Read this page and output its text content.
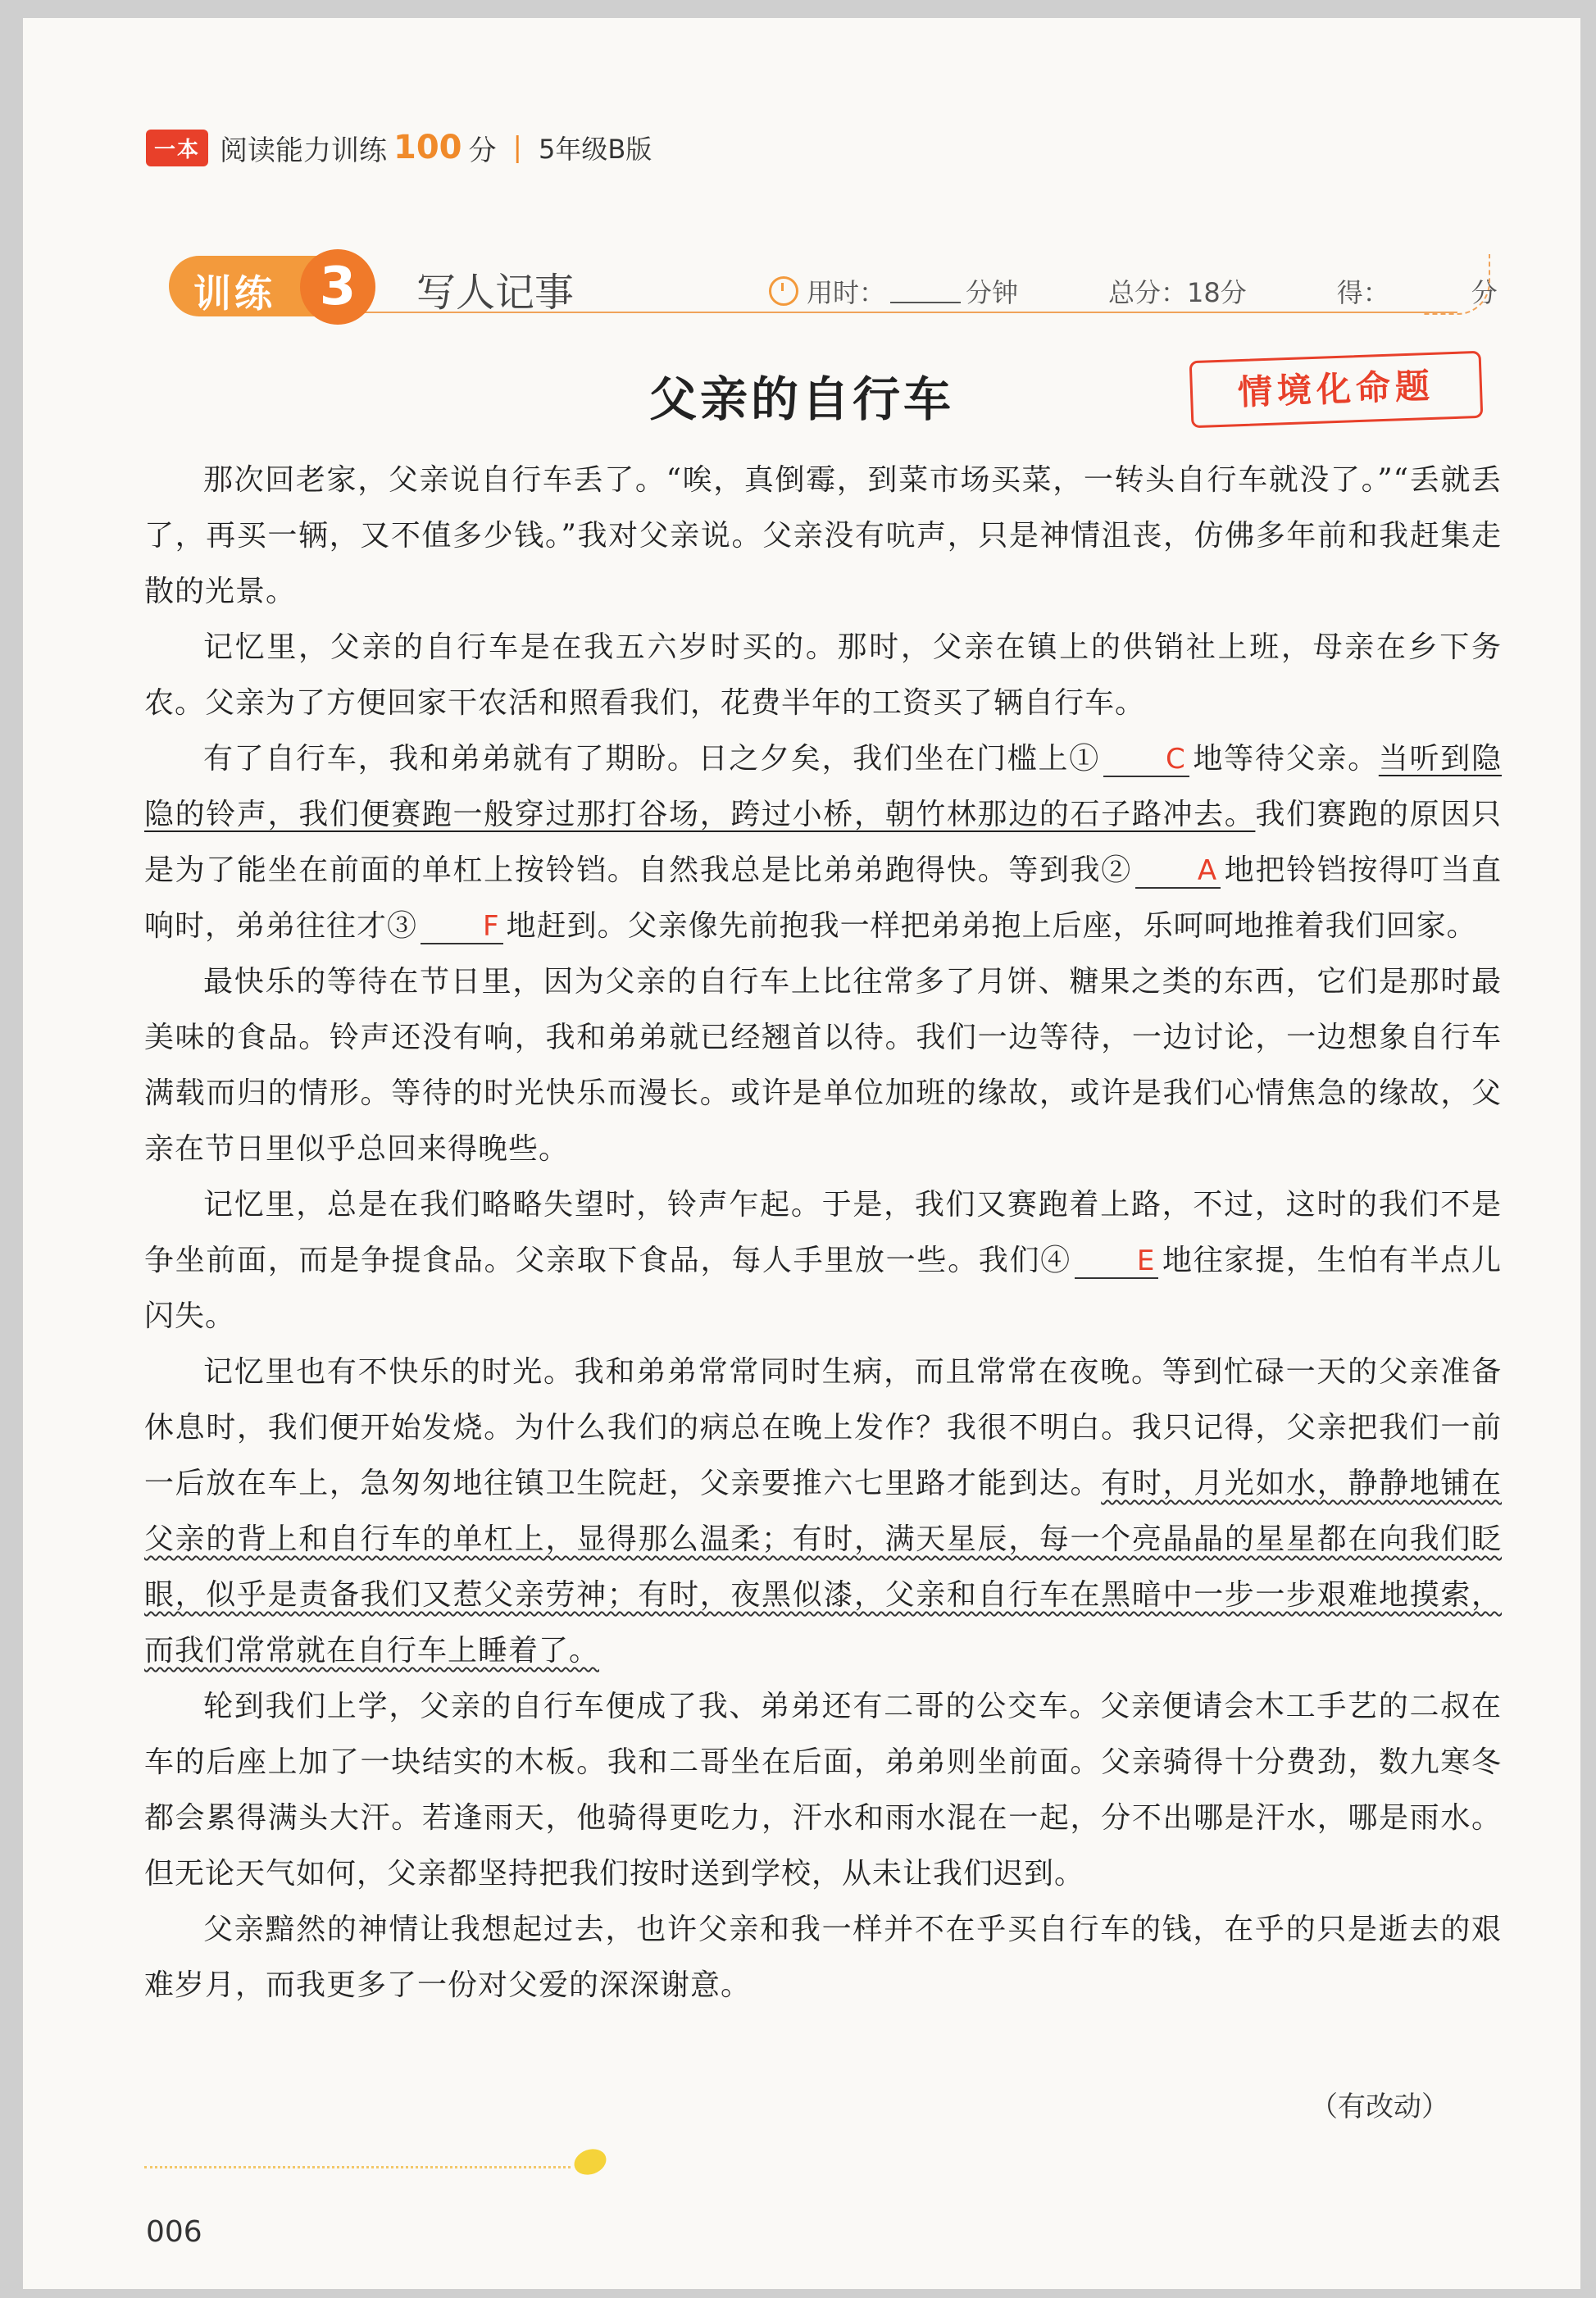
一本 阅读能力训练 100 分 | 5年级B版
训练 3	写人记事	用时：	分钟	总分：18分	得：	分
父亲的自行车	情境化命题

那次回老家，父亲说自行车丢了。“唉，真倒霉，到菜市场买菜，一转头自行车就没了。”“丢就丢了，再买一辆，又不值多少钱。”我对父亲说。父亲没有吭声，只是神情沮丧，仿佛多年前和我赶集走散的光景。

记忆里，父亲的自行车是在我五六岁时买的。那时，父亲在镇上的供销社上班，母亲在乡下务农。父亲为了方便回家干农活和照看我们，花费半年的工资买了辆自行车。

有了自行车，我和弟弟就有了期盼。日之夕矣，我们坐在门槛上① C 地等待父亲。当听到隐隐的铃声，我们便赛跑一般穿过那打谷场，跨过小桥，朝竹林那边的石子路冲去。我们赛跑的原因只是为了能坐在前面的单杠上按铃铛。自然我总是比弟弟跑得快。等到我② A 地把铃铛按得叮当直响时，弟弟往往才③ F 地赶到。父亲像先前抱我一样把弟弟抱上后座，乐呵呵地推着我们回家。

最快乐的等待在节日里，因为父亲的自行车上比往常多了月饼、糖果之类的东西，它们是那时最美味的食品。铃声还没有响，我和弟弟就已经翘首以待。我们一边等待，一边讨论，一边想象自行车满载而归的情形。等待的时光快乐而漫长。或许是单位加班的缘故，或许是我们心情焦急的缘故，父亲在节日里似乎总回来得晚些。

记忆里，总是在我们略略失望时，铃声乍起。于是，我们又赛跑着上路，不过，这时的我们不是争坐前面，而是争提食品。父亲取下食品，每人手里放一些。我们④ E 地往家提，生怕有半点儿闪失。

记忆里也有不快乐的时光。我和弟弟常常同时生病，而且常常在夜晚。等到忙碌一天的父亲准备休息时，我们便开始发烧。为什么我们的病总在晚上发作？我很不明白。我只记得，父亲把我们一前一后放在车上，急匆匆地往镇卫生院赶，父亲要推六七里路才能到达。有时，月光如水，静静地铺在父亲的背上和自行车的单杠上，显得那么温柔；有时，满天星辰，每一个亮晶晶的星星都在向我们眨眼，似乎是责备我们又惹父亲劳神；有时，夜黑似漆，父亲和自行车在黑暗中一步一步艰难地摸索，而我们常常就在自行车上睡着了。

轮到我们上学，父亲的自行车便成了我、弟弟还有二哥的公交车。父亲便请会木工手艺的二叔在车的后座上加了一块结实的木板。我和二哥坐在后面，弟弟则坐前面。父亲骑得十分费劲，数九寒冬都会累得满头大汗。若逢雨天，他骑得更吃力，汗水和雨水混在一起，分不出哪是汗水，哪是雨水。但无论天气如何，父亲都坚持把我们按时送到学校，从未让我们迟到。

父亲黯然的神情让我想起过去，也许父亲和我一样并不在乎买自行车的钱，在乎的只是逝去的艰难岁月，而我更多了一份对父爱的深深谢意。

（有改动）
006
